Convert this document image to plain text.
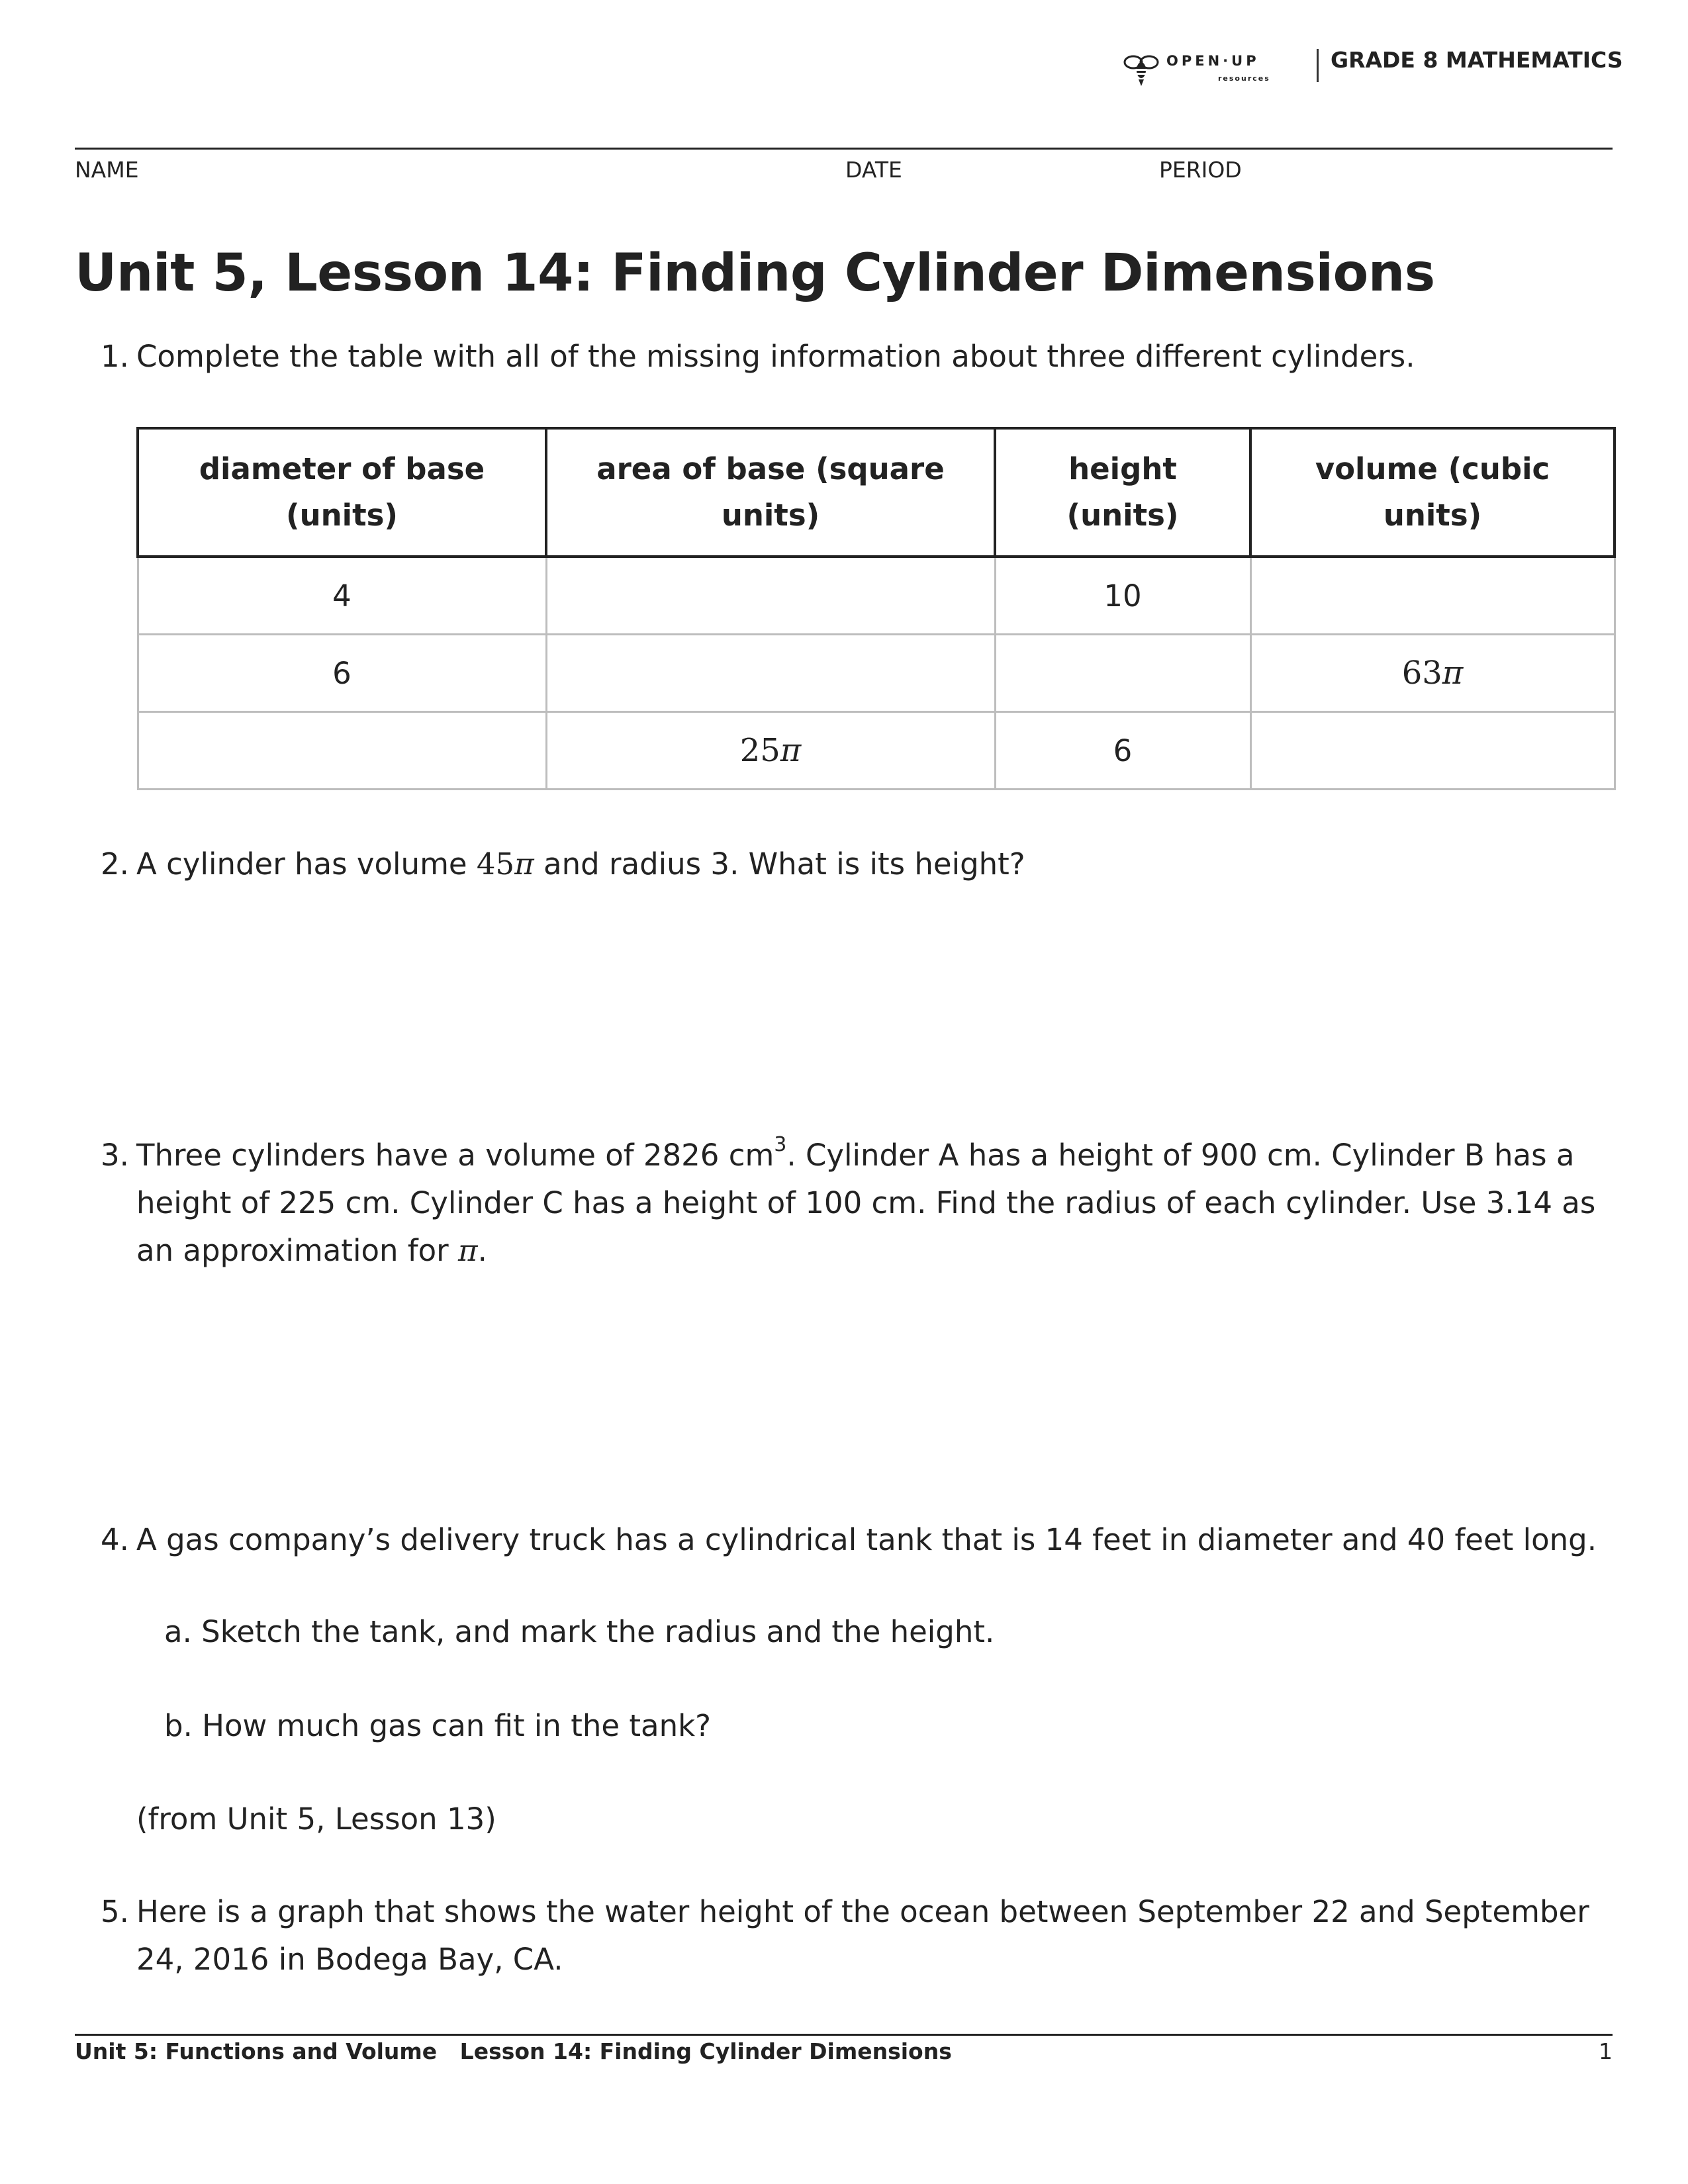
OPEN·UP
resources
GRADE 8 MATHEMATICS
NAME	DATE	PERIOD
Unit 5, Lesson 14: Finding Cylinder Dimensions
1. Complete the table with all of the missing information about three different cylinders.
diameter of base (units)	area of base (square units)	height (units)	volume (cubic units)
4		10	
6			63π
	25π	6	
2. A cylinder has volume 45π and radius 3. What is its height?
3. Three cylinders have a volume of 2826 $cm^3$. Cylinder A has a height of 900 cm. Cylinder B has a height of 225 cm. Cylinder C has a height of 100 cm. Find the radius of each cylinder. Use 3.14 as an approximation for π.
4. A gas company’s delivery truck has a cylindrical tank that is 14 feet in diameter and 40 feet long.
a. Sketch the tank, and mark the radius and the height.
b. How much gas can fit in the tank?
(from Unit 5, Lesson 13)
5. Here is a graph that shows the water height of the ocean between September 22 and September 24, 2016 in Bodega Bay, CA.
Unit 5: Functions and Volume Lesson 14: Finding Cylinder Dimensions	1
